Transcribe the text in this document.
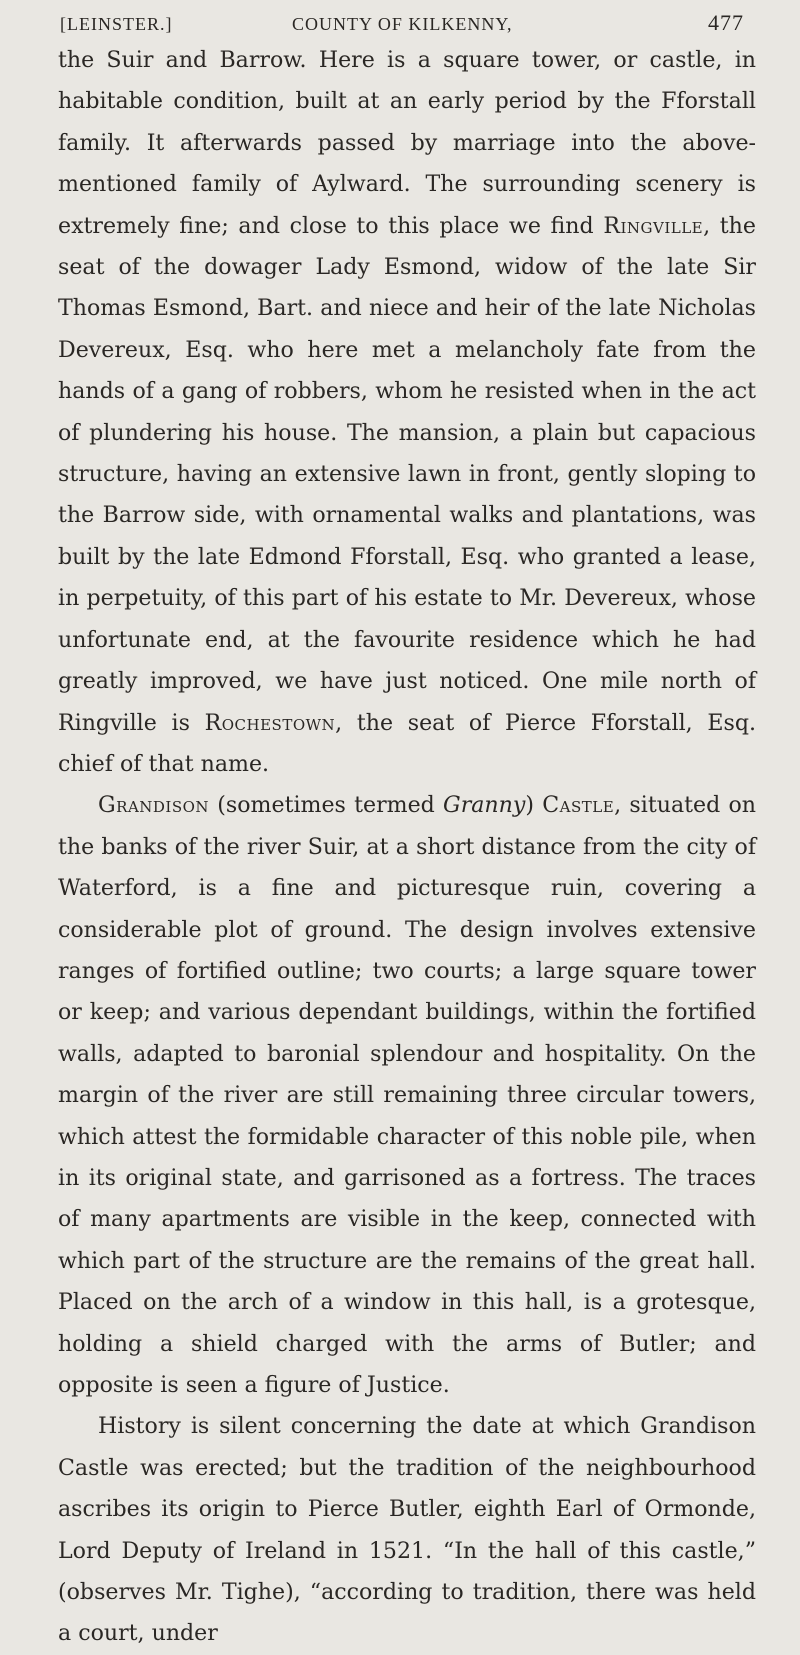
[LEINSTER.]	COUNTY OF KILKENNY,	477

the Suir and Barrow. Here is a square tower, or castle, in habitable condition, built at an early period by the Fforstall family. It afterwards passed by marriage into the above-mentioned family of Aylward. The surrounding scenery is extremely fine; and close to this place we find Ringville, the seat of the dowager Lady Esmond, widow of the late Sir Thomas Esmond, Bart. and niece and heir of the late Nicholas Devereux, Esq. who here met a melancholy fate from the hands of a gang of robbers, whom he resisted when in the act of plundering his house. The mansion, a plain but capacious structure, having an extensive lawn in front, gently sloping to the Barrow side, with ornamental walks and plantations, was built by the late Edmond Fforstall, Esq. who granted a lease, in perpetuity, of this part of his estate to Mr. Devereux, whose unfortunate end, at the favourite residence which he had greatly improved, we have just noticed. One mile north of Ringville is Rochestown, the seat of Pierce Fforstall, Esq. chief of that name.

Grandison (sometimes termed Granny) Castle, situated on the banks of the river Suir, at a short distance from the city of Waterford, is a fine and picturesque ruin, covering a considerable plot of ground. The design involves extensive ranges of fortified outline; two courts; a large square tower or keep; and various dependant buildings, within the fortified walls, adapted to baronial splendour and hospitality. On the margin of the river are still remaining three circular towers, which attest the formidable character of this noble pile, when in its original state, and garrisoned as a fortress. The traces of many apartments are visible in the keep, connected with which part of the structure are the remains of the great hall. Placed on the arch of a window in this hall, is a grotesque, holding a shield charged with the arms of Butler; and opposite is seen a figure of Justice.

History is silent concerning the date at which Grandison Castle was erected; but the tradition of the neighbourhood ascribes its origin to Pierce Butler, eighth Earl of Ormonde, Lord Deputy of Ireland in 1521. “In the hall of this castle,” (observes Mr. Tighe), “according to tradition, there was held a court, under
